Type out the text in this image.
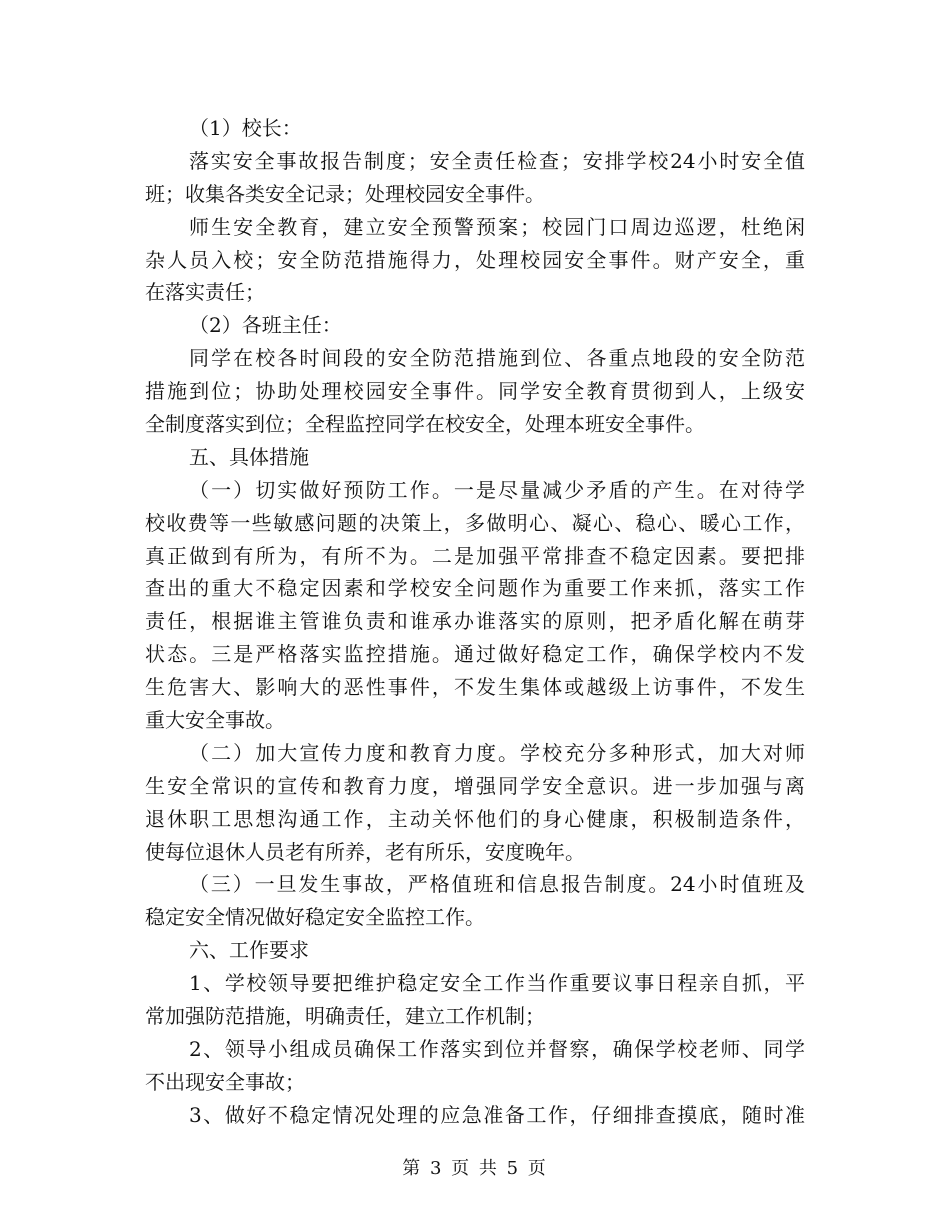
（1）校长：
落实安全事故报告制度；安全责任检查；安排学校24小时安全值
班；收集各类安全记录；处理校园安全事件。
师生安全教育，建立安全预警预案；校园门口周边巡逻，杜绝闲
杂人员入校；安全防范措施得力，处理校园安全事件。财产安全，重
在落实责任；
（2）各班主任：
同学在校各时间段的安全防范措施到位、各重点地段的安全防范
措施到位；协助处理校园安全事件。同学安全教育贯彻到人，上级安
全制度落实到位；全程监控同学在校安全，处理本班安全事件。
五、具体措施
（一）切实做好预防工作。一是尽量减少矛盾的产生。在对待学
校收费等一些敏感问题的决策上，多做明心、凝心、稳心、暖心工作，
真正做到有所为，有所不为。二是加强平常排查不稳定因素。要把排
查出的重大不稳定因素和学校安全问题作为重要工作来抓，落实工作
责任，根据谁主管谁负责和谁承办谁落实的原则，把矛盾化解在萌芽
状态。三是严格落实监控措施。通过做好稳定工作，确保学校内不发
生危害大、影响大的恶性事件，不发生集体或越级上访事件，不发生
重大安全事故。
（二）加大宣传力度和教育力度。学校充分多种形式，加大对师
生安全常识的宣传和教育力度，增强同学安全意识。进一步加强与离
退休职工思想沟通工作，主动关怀他们的身心健康，积极制造条件，
使每位退休人员老有所养，老有所乐，安度晚年。
（三）一旦发生事故，严格值班和信息报告制度。24小时值班及
稳定安全情况做好稳定安全监控工作。
六、工作要求
1、学校领导要把维护稳定安全工作当作重要议事日程亲自抓，平
常加强防范措施，明确责任，建立工作机制；
2、领导小组成员确保工作落实到位并督察，确保学校老师、同学
不出现安全事故；
3、做好不稳定情况处理的应急准备工作，仔细排查摸底，随时准
第 3 页 共 5 页
